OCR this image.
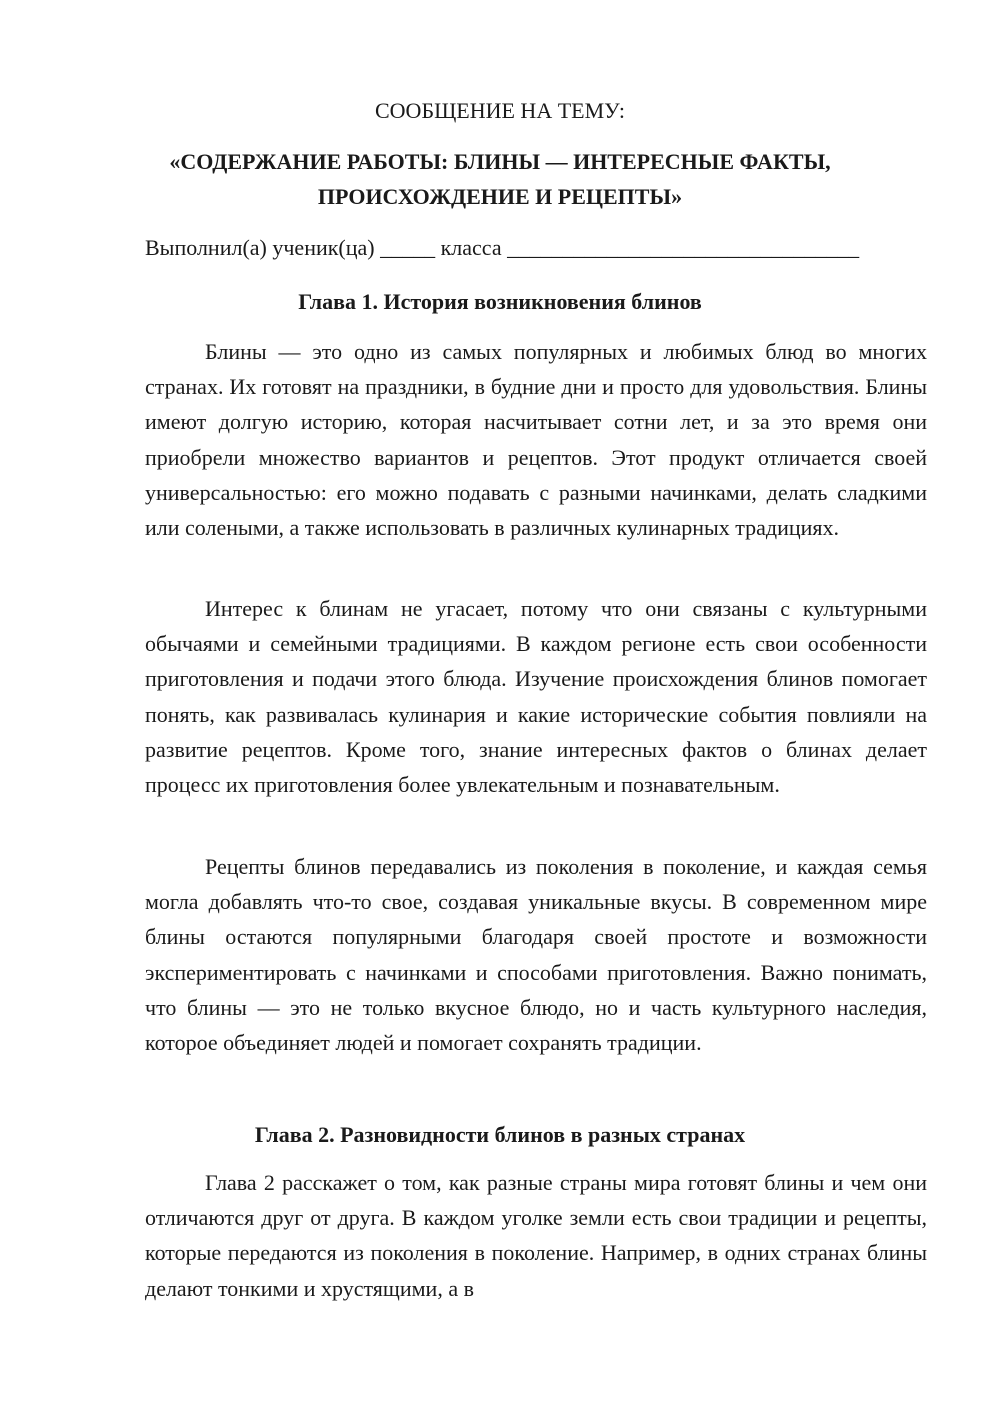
СООБЩЕНИЕ НА ТЕМУ:
«СОДЕРЖАНИЕ РАБОТЫ: БЛИНЫ — ИНТЕРЕСНЫЕ ФАКТЫ, ПРОИСХОЖДЕНИЕ И РЕЦЕПТЫ»
Выполнил(а) ученик(ца) _____ класса ________________________________
Глава 1. История возникновения блинов

Блины — это одно из самых популярных и любимых блюд во многих странах. Их готовят на праздники, в будние дни и просто для удовольствия. Блины имеют долгую историю, которая насчитывает сотни лет, и за это время они приобрели множество вариантов и рецептов. Этот продукт отличается своей универсальностью: его можно подавать с разными начинками, делать сладкими или солеными, а также использовать в различных кулинарных традициях.

Интерес к блинам не угасает, потому что они связаны с культурными обычаями и семейными традициями. В каждом регионе есть свои особенности приготовления и подачи этого блюда. Изучение происхождения блинов помогает понять, как развивалась кулинария и какие исторические события повлияли на развитие рецептов. Кроме того, знание интересных фактов о блинах делает процесс их приготовления более увлекательным и познавательным.

Рецепты блинов передавались из поколения в поколение, и каждая семья могла добавлять что-то свое, создавая уникальные вкусы. В современном мире блины остаются популярными благодаря своей простоте и возможности экспериментировать с начинками и способами приготовления. Важно понимать, что блины — это не только вкусное блюдо, но и часть культурного наследия, которое объединяет людей и помогает сохранять традиции.

Глава 2. Разновидности блинов в разных странах

Глава 2 расскажет о том, как разные страны мира готовят блины и чем они отличаются друг от друга. В каждом уголке земли есть свои традиции и рецепты, которые передаются из поколения в поколение. Например, в одних странах блины делают тонкими и хрустящими, а в
